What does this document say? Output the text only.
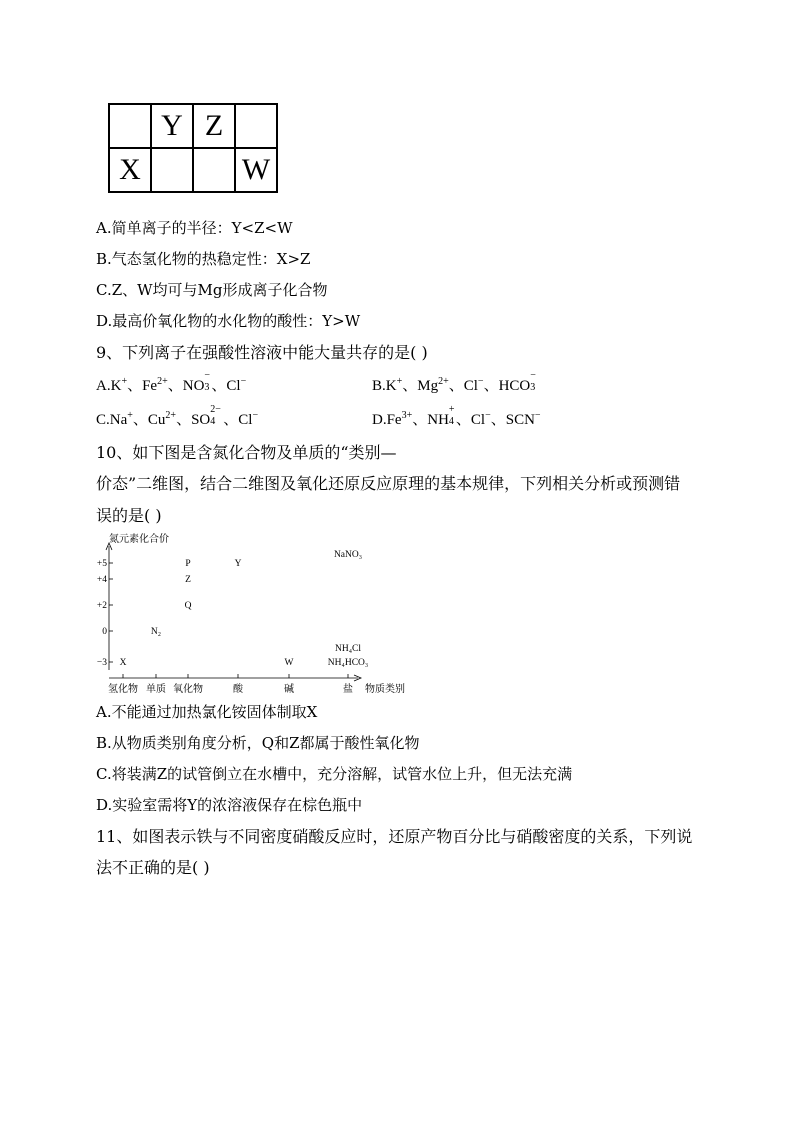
	Y	Z	
X			W
A.简单离子的半径：Y<Z<W
B.气态氢化物的热稳定性：X>Z
C.Z、W均可与Mg形成离子化合物
D.最高价氧化物的水化物的酸性：Y>W
9、下列离子在强酸性溶液中能大量共存的是( )
A.K+、$Fe^{2+}$、NO
−
3 、Cl−	B.K+、$Mg^{2+}$、Cl−、HCO
−
3
C.Na+、$Cu^{2+}$、SO
2−
4 、Cl−	$D.Fe^{3+}$、NH
+
4 、Cl−、SCN−
10、如下图是含氮化合物及单质的“类别—
价态”二维图，结合二维图及氧化还原反应原理的基本规律，下列相关分析或预测错
误的是( )
氮元素化合价
+5
+4
+2
0
−3
氢化物 单质 氧化物	酸	碱	盐 物质类别
P	Y
NaNO₃
Z
Q
N₂
X	W
NH₄Cl
NH₄HCO₃
A.不能通过加热氯化铵固体制取X
B.从物质类别角度分析，Q和Z都属于酸性氧化物
C.将装满Z的试管倒立在水槽中，充分溶解，试管水位上升，但无法充满
D.实验室需将Y的浓溶液保存在棕色瓶中
11、如图表示铁与不同密度硝酸反应时，还原产物百分比与硝酸密度的关系，下列说
法不正确的是( )
